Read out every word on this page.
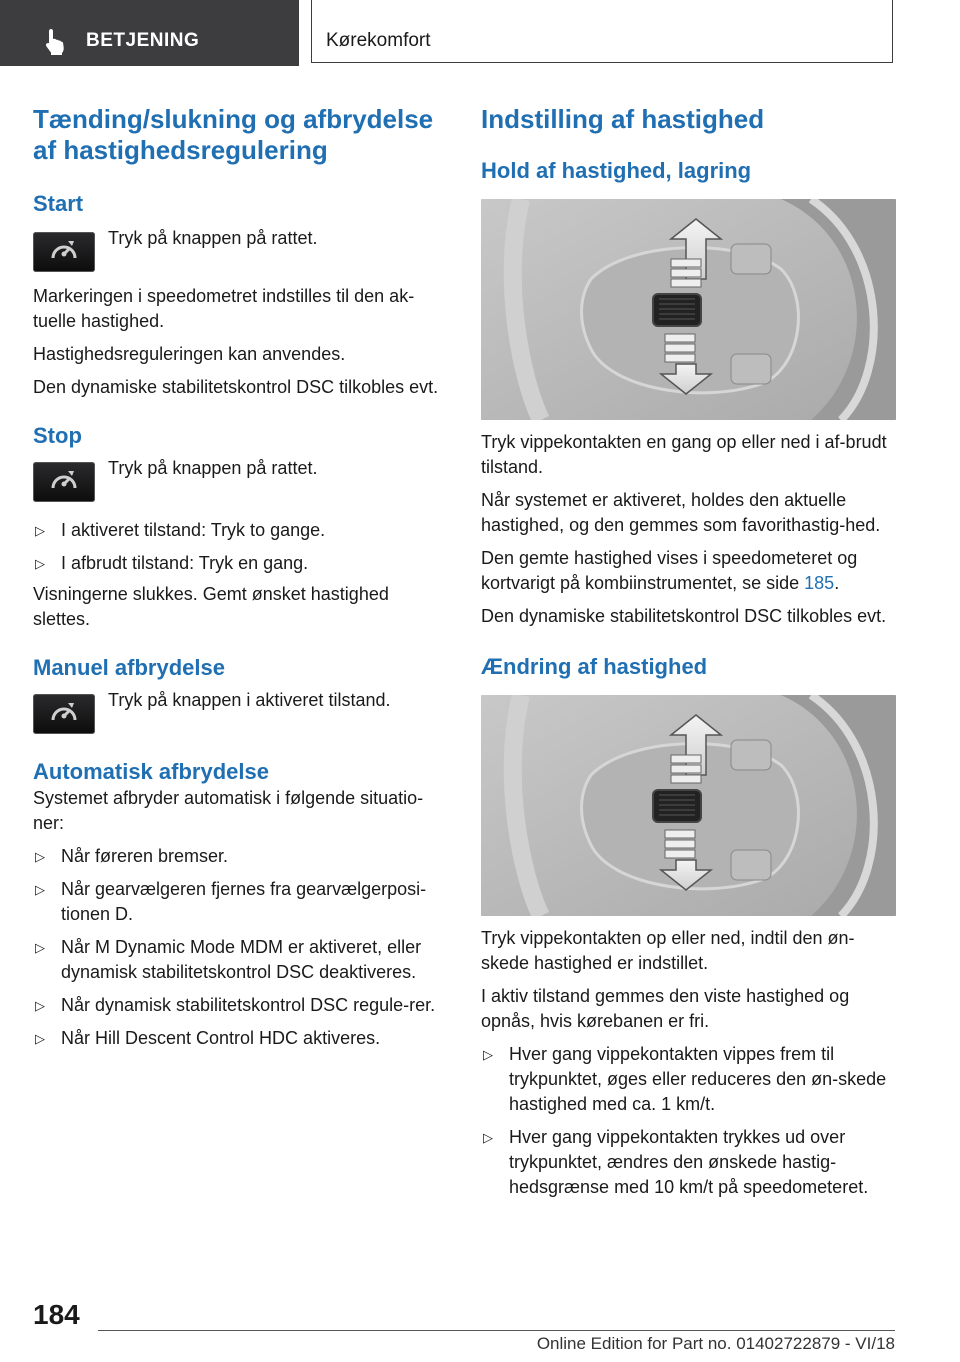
BETJENING	Kørekomfort
Tænding/slukning og afbrydelse af hastighedsregulering
Start
Tryk på knappen på rattet.

Markeringen i speedometret indstilles til den ak-tuelle hastighed.

Hastighedsreguleringen kan anvendes.

Den dynamiske stabilitetskontrol DSC tilkobles evt.

Stop
Tryk på knappen på rattet.
▷ I aktiveret tilstand: Tryk to gange.
▷ I afbrudt tilstand: Tryk en gang.

Visningerne slukkes. Gemt ønsket hastighed slettes.

Manuel afbrydelse
Tryk på knappen i aktiveret tilstand.
Automatisk afbrydelse

Systemet afbryder automatisk i følgende situatio-ner:

▷ Når føreren bremser.
▷ Når gearvælgeren fjernes fra gearvælgerposi-tionen D.
▷ Når M Dynamic Mode MDM er aktiveret, eller dynamisk stabilitetskontrol DSC deaktiveres.
▷ Når dynamisk stabilitetskontrol DSC regule-rer.
▷ Når Hill Descent Control HDC aktiveres.
Indstilling af hastighed
Hold af hastighed, lagring

Tryk vippekontakten en gang op eller ned i af-brudt tilstand.

Når systemet er aktiveret, holdes den aktuelle hastighed, og den gemmes som favorithastig-hed.

Den gemte hastighed vises i speedometeret og kortvarigt på kombiinstrumentet, se side 185.

Den dynamiske stabilitetskontrol DSC tilkobles evt.

Ændring af hastighed

Tryk vippekontakten op eller ned, indtil den øn-skede hastighed er indstillet.

I aktiv tilstand gemmes den viste hastighed og opnås, hvis kørebanen er fri.

▷ Hver gang vippekontakten vippes frem til trykpunktet, øges eller reduceres den øn-skede hastighed med ca. 1 km/t.
▷ Hver gang vippekontakten trykkes ud over trykpunktet, ændres den ønskede hastig-hedsgrænse med 10 km/t på speedometeret.
184
Online Edition for Part no. 01402722879 - VI/18
